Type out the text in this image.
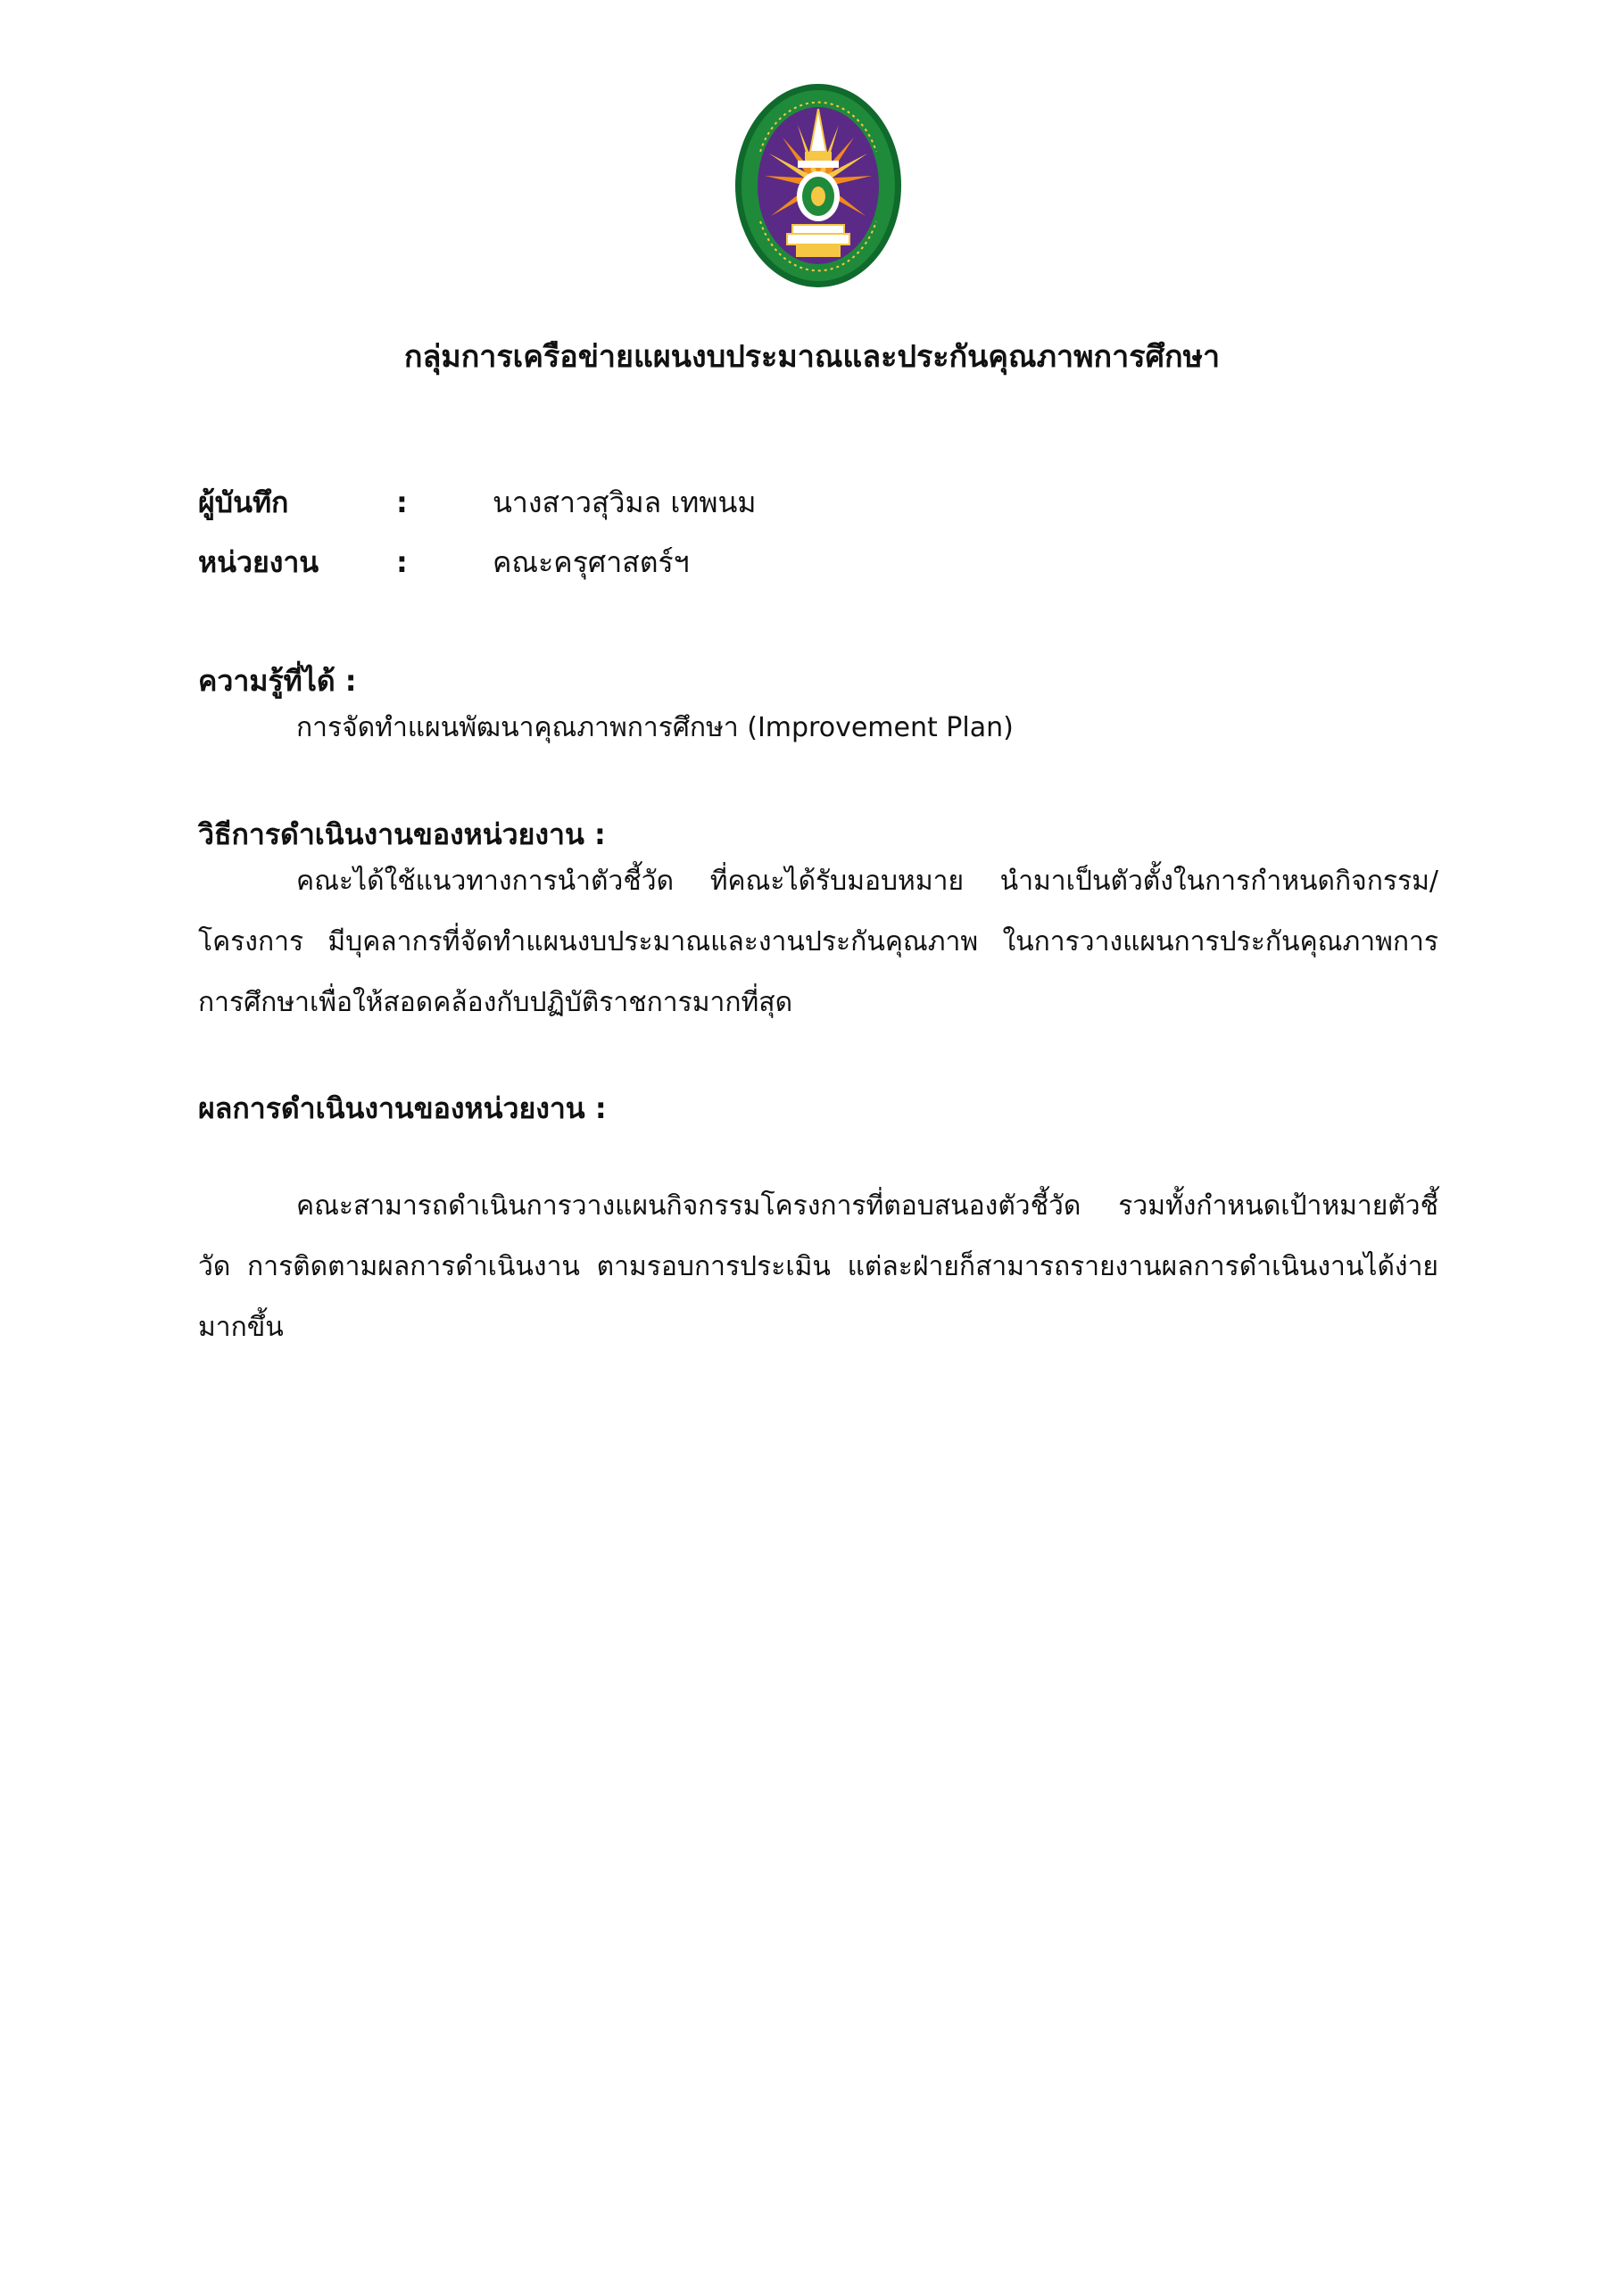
กลุ่มการเครือข่ายแผนงบประมาณและประกันคุณภาพการศึกษา
ผู้บันทึก	:	นางสาวสุวิมล เทพนม
หน่วยงาน	:	คณะครุศาสตร์ฯ
ความรู้ที่ได้ :

การจัดทำแผนพัฒนาคุณภาพการศึกษา (Improvement Plan)

วิธีการดำเนินงานของหน่วยงาน :

คณะได้ใช้แนวทางการนำตัวชี้วัด ที่คณะได้รับมอบหมาย นำมาเป็นตัวตั้งในการกำหนดกิจกรรม/โครงการ มีบุคลากรที่จัดทำแผนงบประมาณและงานประกันคุณภาพ ในการวางแผนการประกันคุณภาพการ การศึกษาเพื่อให้สอดคล้องกับปฏิบัติราชการมากที่สุด

ผลการดำเนินงานของหน่วยงาน :

คณะสามารถดำเนินการวางแผนกิจกรรมโครงการที่ตอบสนองตัวชี้วัด รวมทั้งกำหนดเป้าหมายตัวชี้วัด การติดตามผลการดำเนินงาน ตามรอบการประเมิน แต่ละฝ่ายก็สามารถรายงานผลการดำเนินงานได้ง่ายมากขึ้น
